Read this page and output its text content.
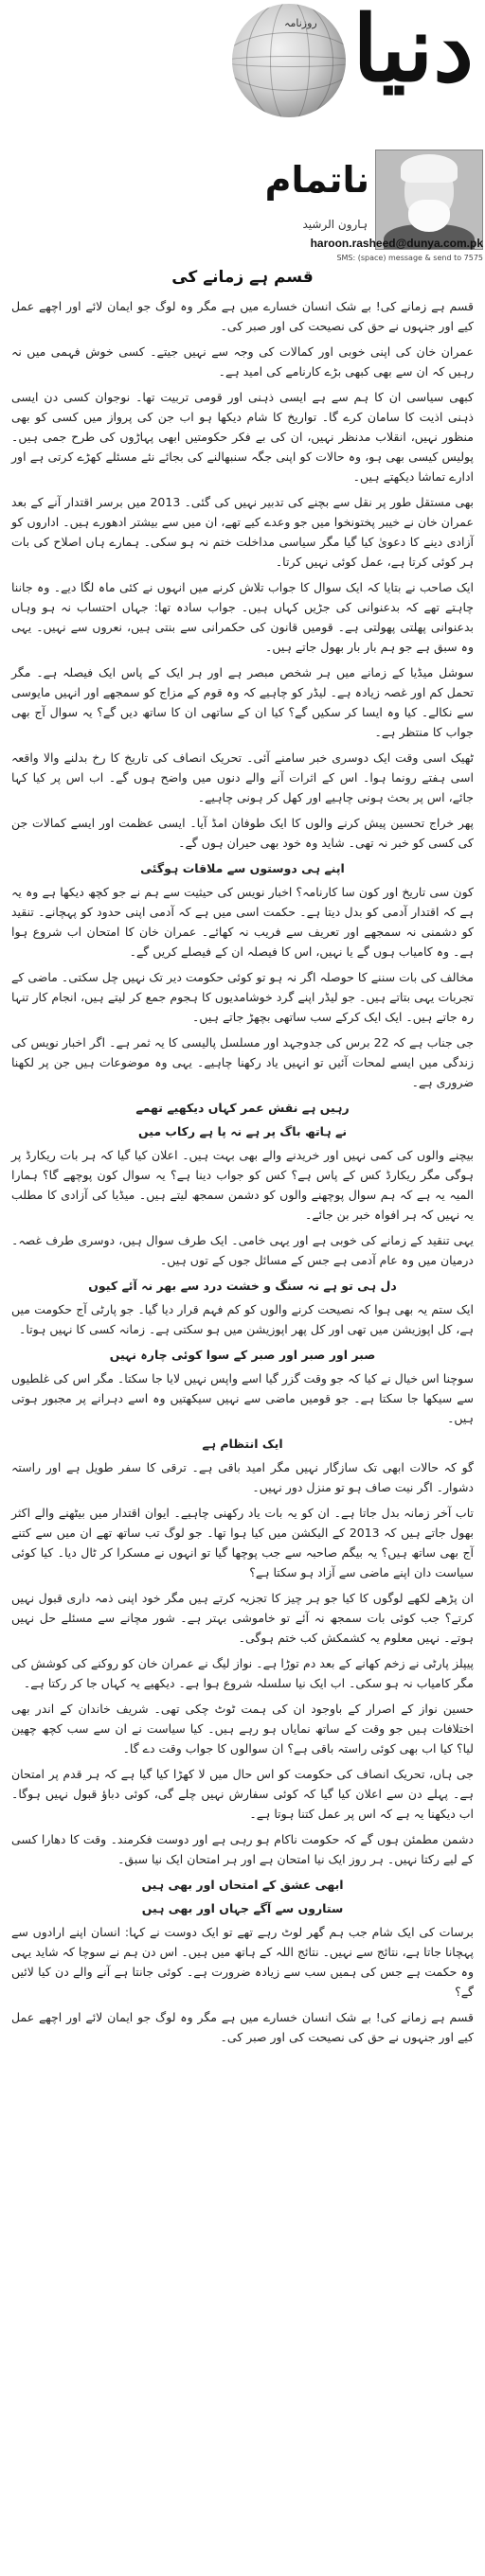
روزنامہ دنیا
ناتمام
ہارون الرشید
haroon.rasheed@dunya.com.pk
SMS: (space) message & send to 7575
قسم ہے زمانے کی

قسم ہے زمانے کی! بے شک انسان خسارے میں ہے مگر وہ لوگ جو ایمان لائے اور اچھے عمل کیے اور جنہوں نے حق کی نصیحت کی اور صبر کی۔

عمران خان کی اپنی خوبی اور کمالات کی وجہ سے نہیں جیتے۔ کسی خوش فہمی میں نہ رہیں کہ ان سے بھی کبھی بڑے کارنامے کی امید ہے۔

کبھی سیاسی ان کا ہم سے ہے ایسی ذہنی اور قومی تربیت تھا۔ نوجوان کسی دن ایسی ذہنی اذیت کا سامان کرے گا۔ تواریخ کا شام دیکھا ہو اب جن کی پرواز میں کسی کو بھی منظور نہیں، انقلاب مدنظر نہیں، ان کی بے فکر حکومتیں ابھی پہاڑوں کی طرح جمی ہیں۔ پولیس کیسی بھی ہو، وہ حالات کو اپنی جگہ سنبھالنے کی بجائے نئے مسئلے کھڑے کرتی ہے اور ادارے تماشا دیکھتے ہیں۔

بھی مستقل طور پر نقل سے بچنے کی تدبیر نہیں کی گئی۔ 2013 میں برسر اقتدار آنے کے بعد عمران خان نے خیبر پختونخوا میں جو وعدے کیے تھے، ان میں سے بیشتر ادھورے ہیں۔ اداروں کو آزادی دینے کا دعویٰ کیا گیا مگر سیاسی مداخلت ختم نہ ہو سکی۔ ہمارے ہاں اصلاح کی بات ہر کوئی کرتا ہے، عمل کوئی نہیں کرتا۔

ایک صاحب نے بتایا کہ ایک سوال کا جواب تلاش کرنے میں انہوں نے کئی ماہ لگا دیے۔ وہ جاننا چاہتے تھے کہ بدعنوانی کی جڑیں کہاں ہیں۔ جواب سادہ تھا: جہاں احتساب نہ ہو وہاں بدعنوانی پھلتی پھولتی ہے۔ قومیں قانون کی حکمرانی سے بنتی ہیں، نعروں سے نہیں۔ یہی وہ سبق ہے جو ہم بار بار بھول جاتے ہیں۔

سوشل میڈیا کے زمانے میں ہر شخص مبصر ہے اور ہر ایک کے پاس ایک فیصلہ ہے۔ مگر تحمل کم اور غصہ زیادہ ہے۔ لیڈر کو چاہیے کہ وہ قوم کے مزاج کو سمجھے اور انہیں مایوسی سے نکالے۔ کیا وہ ایسا کر سکیں گے؟ کیا ان کے ساتھی ان کا ساتھ دیں گے؟ یہ سوال آج بھی جواب کا منتظر ہے۔

ٹھیک اسی وقت ایک دوسری خبر سامنے آئی۔ تحریک انصاف کی تاریخ کا رخ بدلنے والا واقعہ اسی ہفتے رونما ہوا۔ اس کے اثرات آنے والے دنوں میں واضح ہوں گے۔ اب اس پر کیا کہا جائے، اس پر بحث ہونی چاہیے اور کھل کر ہونی چاہیے۔

پھر خراج تحسین پیش کرنے والوں کا ایک طوفان امڈ آیا۔ ایسی عظمت اور ایسے کمالات جن کی کسی کو خبر نہ تھی۔ شاید وہ خود بھی حیران ہوں گے۔

اپنے ہی دوستوں سے ملاقات ہوگئی

کون سی تاریخ اور کون سا کارنامہ؟ اخبار نویس کی حیثیت سے ہم نے جو کچھ دیکھا ہے وہ یہ ہے کہ اقتدار آدمی کو بدل دیتا ہے۔ حکمت اسی میں ہے کہ آدمی اپنی حدود کو پہچانے۔ تنقید کو دشمنی نہ سمجھے اور تعریف سے فریب نہ کھائے۔ عمران خان کا امتحان اب شروع ہوا ہے۔ وہ کامیاب ہوں گے یا نہیں، اس کا فیصلہ ان کے فیصلے کریں گے۔

مخالف کی بات سننے کا حوصلہ اگر نہ ہو تو کوئی حکومت دیر تک نہیں چل سکتی۔ ماضی کے تجربات یہی بتاتے ہیں۔ جو لیڈر اپنے گرد خوشامدیوں کا ہجوم جمع کر لیتے ہیں، انجام کار تنہا رہ جاتے ہیں۔ ایک ایک کرکے سب ساتھی بچھڑ جاتے ہیں۔

جی جناب ہے کہ 22 برس کی جدوجہد اور مسلسل پالیسی کا یہ ثمر ہے۔ اگر اخبار نویس کی زندگی میں ایسے لمحات آئیں تو انہیں یاد رکھنا چاہیے۔ یہی وہ موضوعات ہیں جن پر لکھنا ضروری ہے۔

رہیں ہے نقش عمر کہاں دیکھیے تھمے

نے ہاتھ باگ پر ہے نہ پا ہے رکاب میں

بیچنے والوں کی کمی نہیں اور خریدنے والے بھی بہت ہیں۔ اعلان کیا گیا کہ ہر بات ریکارڈ پر ہوگی مگر ریکارڈ کس کے پاس ہے؟ کس کو جواب دینا ہے؟ یہ سوال کون پوچھے گا؟ ہمارا المیہ یہ ہے کہ ہم سوال پوچھنے والوں کو دشمن سمجھ لیتے ہیں۔ میڈیا کی آزادی کا مطلب یہ نہیں کہ ہر افواہ خبر بن جائے۔

یہی تنقید کے زمانے کی خوبی ہے اور یہی خامی۔ ایک طرف سوال ہیں، دوسری طرف غصہ۔ درمیان میں وہ عام آدمی ہے جس کے مسائل جوں کے توں ہیں۔

دل ہی تو ہے نہ سنگ و خشت درد سے بھر نہ آئے کیوں

ایک ستم یہ بھی ہوا کہ نصیحت کرنے والوں کو کم فہم قرار دیا گیا۔ جو پارٹی آج حکومت میں ہے، کل اپوزیشن میں تھی اور کل پھر اپوزیشن میں ہو سکتی ہے۔ زمانہ کسی کا نہیں ہوتا۔

صبر اور صبر اور صبر کے سوا کوئی چارہ نہیں

سوچنا اس خیال نے کیا کہ جو وقت گزر گیا اسے واپس نہیں لایا جا سکتا۔ مگر اس کی غلطیوں سے سیکھا جا سکتا ہے۔ جو قومیں ماضی سے نہیں سیکھتیں وہ اسے دہرانے پر مجبور ہوتی ہیں۔

ایک انتظام ہے

گو کہ حالات ابھی تک سازگار نہیں مگر امید باقی ہے۔ ترقی کا سفر طویل ہے اور راستہ دشوار۔ اگر نیت صاف ہو تو منزل دور نہیں۔

تاب آخر زمانہ بدل جاتا ہے۔ ان کو یہ بات یاد رکھنی چاہیے۔ ایوان اقتدار میں بیٹھنے والے اکثر بھول جاتے ہیں کہ 2013 کے الیکشن میں کیا ہوا تھا۔ جو لوگ تب ساتھ تھے ان میں سے کتنے آج بھی ساتھ ہیں؟ یہ بیگم صاحبہ سے جب پوچھا گیا تو انہوں نے مسکرا کر ٹال دیا۔ کیا کوئی سیاست دان اپنے ماضی سے آزاد ہو سکتا ہے؟

ان پڑھے لکھے لوگوں کا کیا جو ہر چیز کا تجزیہ کرتے ہیں مگر خود اپنی ذمہ داری قبول نہیں کرتے؟ جب کوئی بات سمجھ نہ آئے تو خاموشی بہتر ہے۔ شور مچانے سے مسئلے حل نہیں ہوتے۔ نہیں معلوم یہ کشمکش کب ختم ہوگی۔

پیپلز پارٹی نے زخم کھانے کے بعد دم توڑا ہے۔ نواز لیگ نے عمران خان کو روکنے کی کوشش کی مگر کامیاب نہ ہو سکی۔ اب ایک نیا سلسلہ شروع ہوا ہے۔ دیکھیے یہ کہاں جا کر رکتا ہے۔

حسین نواز کے اصرار کے باوجود ان کی ہمت ٹوٹ چکی تھی۔ شریف خاندان کے اندر بھی اختلافات ہیں جو وقت کے ساتھ نمایاں ہو رہے ہیں۔ کیا سیاست نے ان سے سب کچھ چھین لیا؟ کیا اب بھی کوئی راستہ باقی ہے؟ ان سوالوں کا جواب وقت دے گا۔

جی ہاں، تحریک انصاف کی حکومت کو اس حال میں لا کھڑا کیا گیا ہے کہ ہر قدم پر امتحان ہے۔ پہلے دن سے اعلان کیا گیا کہ کوئی سفارش نہیں چلے گی، کوئی دباؤ قبول نہیں ہوگا۔ اب دیکھنا یہ ہے کہ اس پر عمل کتنا ہوتا ہے۔

دشمن مطمئن ہوں گے کہ حکومت ناکام ہو رہی ہے اور دوست فکرمند۔ وقت کا دھارا کسی کے لیے رکتا نہیں۔ ہر روز ایک نیا امتحان ہے اور ہر امتحان ایک نیا سبق۔

ابھی عشق کے امتحاں اور بھی ہیں

ستاروں سے آگے جہاں اور بھی ہیں

برسات کی ایک شام جب ہم گھر لوٹ رہے تھے تو ایک دوست نے کہا: انسان اپنے ارادوں سے پہچانا جاتا ہے، نتائج سے نہیں۔ نتائج اللہ کے ہاتھ میں ہیں۔ اس دن ہم نے سوچا کہ شاید یہی وہ حکمت ہے جس کی ہمیں سب سے زیادہ ضرورت ہے۔ کوئی جانتا ہے آنے والے دن کیا لائیں گے؟

قسم ہے زمانے کی! بے شک انسان خسارے میں ہے مگر وہ لوگ جو ایمان لائے اور اچھے عمل کیے اور جنہوں نے حق کی نصیحت کی اور صبر کی۔
